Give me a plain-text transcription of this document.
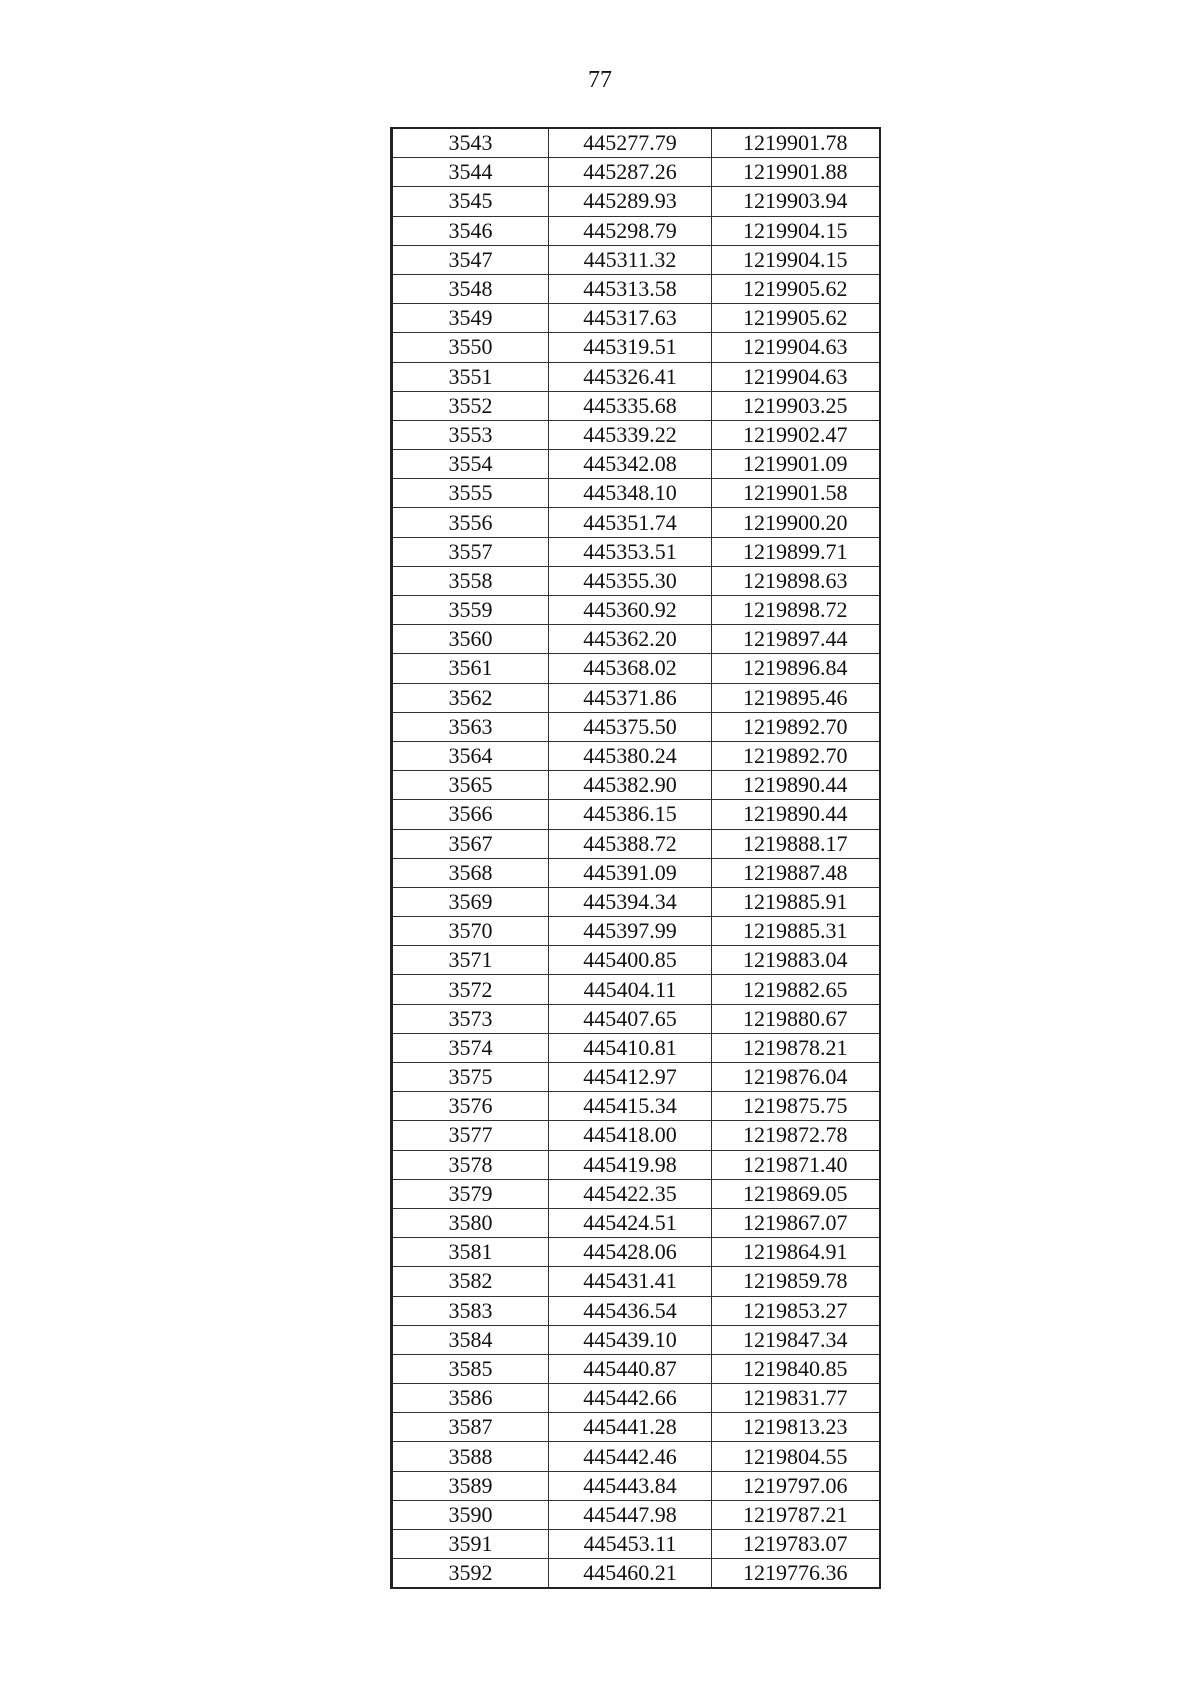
77
3543	445277.79	1219901.78
3544	445287.26	1219901.88
3545	445289.93	1219903.94
3546	445298.79	1219904.15
3547	445311.32	1219904.15
3548	445313.58	1219905.62
3549	445317.63	1219905.62
3550	445319.51	1219904.63
3551	445326.41	1219904.63
3552	445335.68	1219903.25
3553	445339.22	1219902.47
3554	445342.08	1219901.09
3555	445348.10	1219901.58
3556	445351.74	1219900.20
3557	445353.51	1219899.71
3558	445355.30	1219898.63
3559	445360.92	1219898.72
3560	445362.20	1219897.44
3561	445368.02	1219896.84
3562	445371.86	1219895.46
3563	445375.50	1219892.70
3564	445380.24	1219892.70
3565	445382.90	1219890.44
3566	445386.15	1219890.44
3567	445388.72	1219888.17
3568	445391.09	1219887.48
3569	445394.34	1219885.91
3570	445397.99	1219885.31
3571	445400.85	1219883.04
3572	445404.11	1219882.65
3573	445407.65	1219880.67
3574	445410.81	1219878.21
3575	445412.97	1219876.04
3576	445415.34	1219875.75
3577	445418.00	1219872.78
3578	445419.98	1219871.40
3579	445422.35	1219869.05
3580	445424.51	1219867.07
3581	445428.06	1219864.91
3582	445431.41	1219859.78
3583	445436.54	1219853.27
3584	445439.10	1219847.34
3585	445440.87	1219840.85
3586	445442.66	1219831.77
3587	445441.28	1219813.23
3588	445442.46	1219804.55
3589	445443.84	1219797.06
3590	445447.98	1219787.21
3591	445453.11	1219783.07
3592	445460.21	1219776.36
